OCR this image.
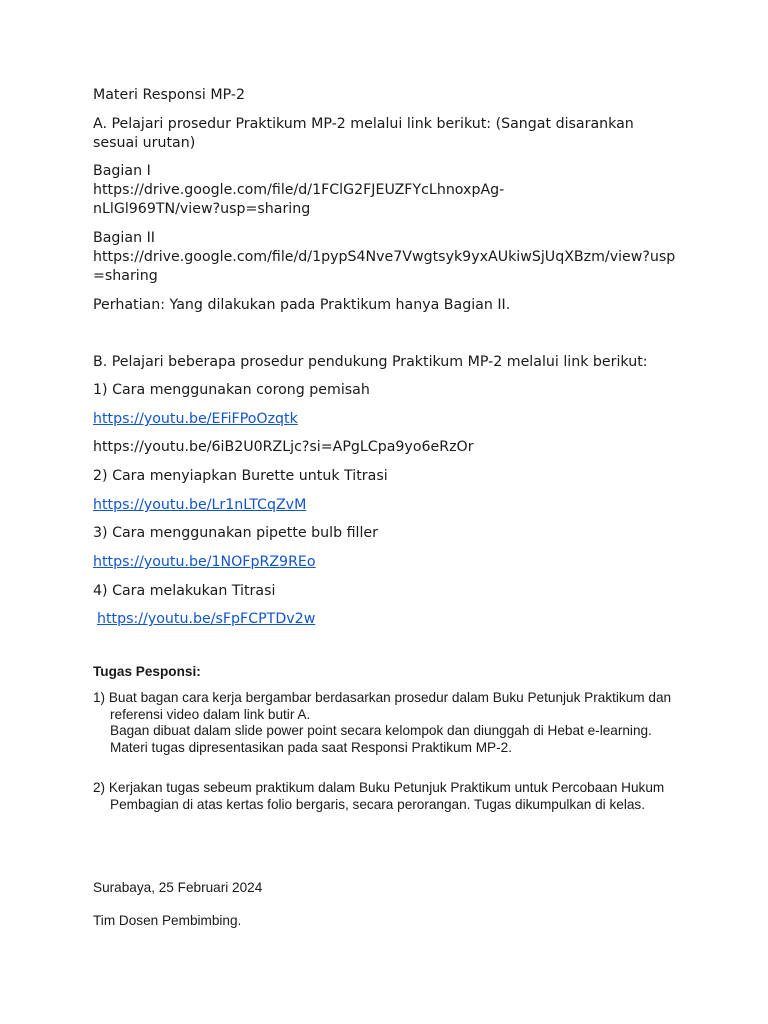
Materi Responsi MP-2

A. Pelajari prosedur Praktikum MP-2 melalui link berikut: (Sangat disarankan sesuai urutan)

Bagian I
https://drive.google.com/file/d/1FClG2FJEUZFYcLhnoxpAg-nLlGl969TN/view?usp=sharing
Bagian II
https://drive.google.com/file/d/1pypS4Nve7Vwgtsyk9yxAUkiwSjUqXBzm/view?usp=sharing

Perhatian: Yang dilakukan pada Praktikum hanya Bagian II.

B. Pelajari beberapa prosedur pendukung Praktikum MP-2 melalui link berikut:

1) Cara menggunakan corong pemisah

https://youtu.be/EFiFPoOzqtk

https://youtu.be/6iB2U0RZLjc?si=APgLCpa9yo6eRzOr

2) Cara menyiapkan Burette untuk Titrasi

https://youtu.be/Lr1nLTCqZvM

3) Cara menggunakan pipette bulb filler

https://youtu.be/1NOFpRZ9REo

4) Cara melakukan Titrasi

https://youtu.be/sFpFCPTDv2w

Tugas Pesponsi:

1) Buat bagan cara kerja bergambar berdasarkan prosedur dalam Buku Petunjuk Praktikum dan referensi video dalam link butir A.
Bagan dibuat dalam slide power point secara kelompok dan diunggah di Hebat e-learning.
Materi tugas dipresentasikan pada saat Responsi Praktikum MP-2.
2) Kerjakan tugas sebeum praktikum dalam Buku Petunjuk Praktikum untuk Percobaan Hukum Pembagian di atas kertas folio bergaris, secara perorangan. Tugas dikumpulkan di kelas.

Surabaya, 25 Februari 2024

Tim Dosen Pembimbing.
